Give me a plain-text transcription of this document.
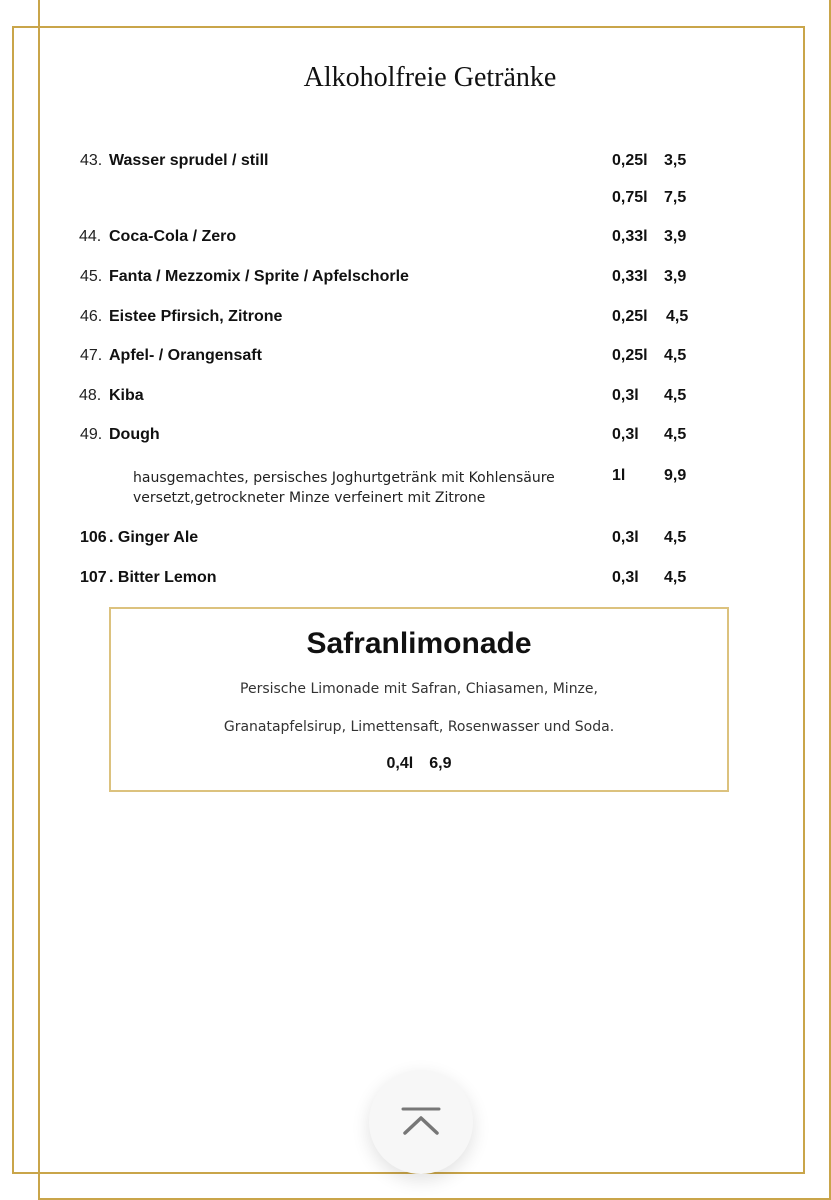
Alkoholfreie Getränke
43. Wasser sprudel / still	0,25l 3,5
0,75l 7,5
44. Coca-Cola / Zero	0,33l 3,9
45. Fanta / Mezzomix / Sprite / Apfelschorle	0,33l 3,9
46. Eistee Pfirsich, Zitrone	0,25l 4,5
47. Apfel- / Orangensaft	0,25l 4,5
48. Kiba	0,3l 4,5
49. Dough	0,3l 4,5
hausgemachtes, persisches Joghurtgetränk mit Kohlensäure versetzt,getrockneter Minze verfeinert mit Zitrone
1l 9,9
106 . Ginger Ale	0,3l 4,5
107 . Bitter Lemon	0,3l 4,5
Safranlimonade
Persische Limonade mit Safran, Chiasamen, Minze,
Granatapfelsirup, Limettensaft, Rosenwasser und Soda.
0,4l 6,9
